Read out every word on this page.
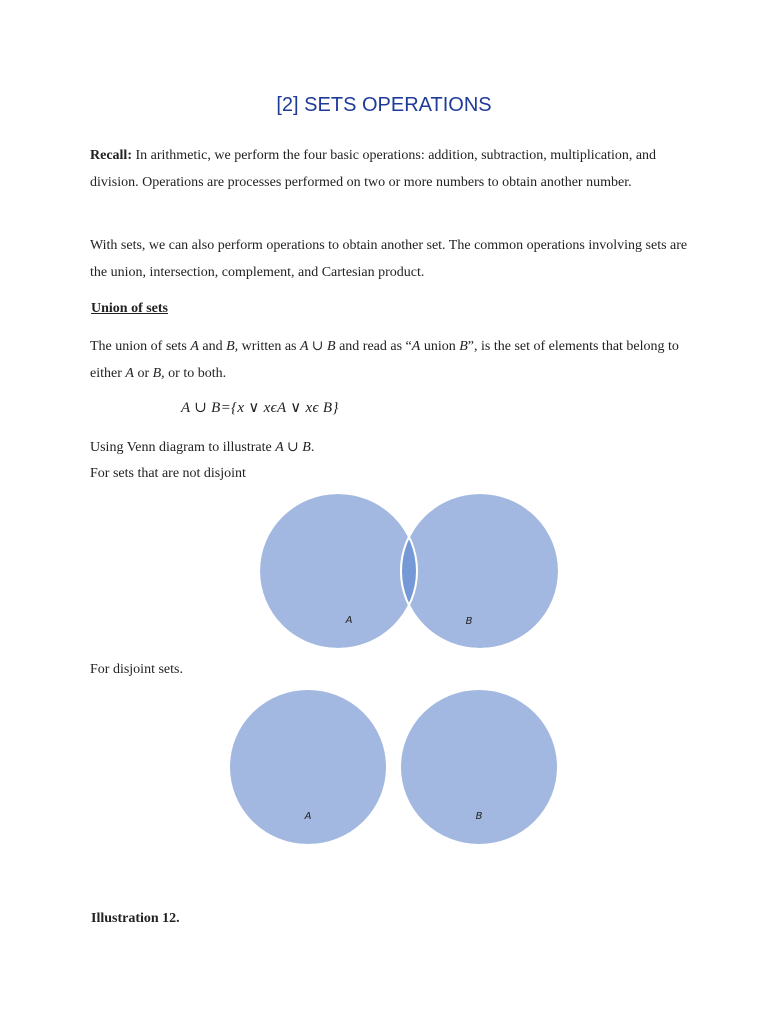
[2] SETS OPERATIONS
Recall: In arithmetic, we perform the four basic operations: addition, subtraction, multiplication, and division. Operations are processes performed on two or more numbers to obtain another number.
With sets, we can also perform operations to obtain another set. The common operations involving sets are the union, intersection, complement, and Cartesian product.
Union of sets
The union of sets A and B, written as A ∪ B and read as “A union B”, is the set of elements that belong to either A or B, or to both.
A ∪ B={x ∨ xϵA ∨ xϵ B}
Using Venn diagram to illustrate A ∪ B.
For sets that are not disjoint
A	B
A	B
For disjoint sets.
Illustration 12.
